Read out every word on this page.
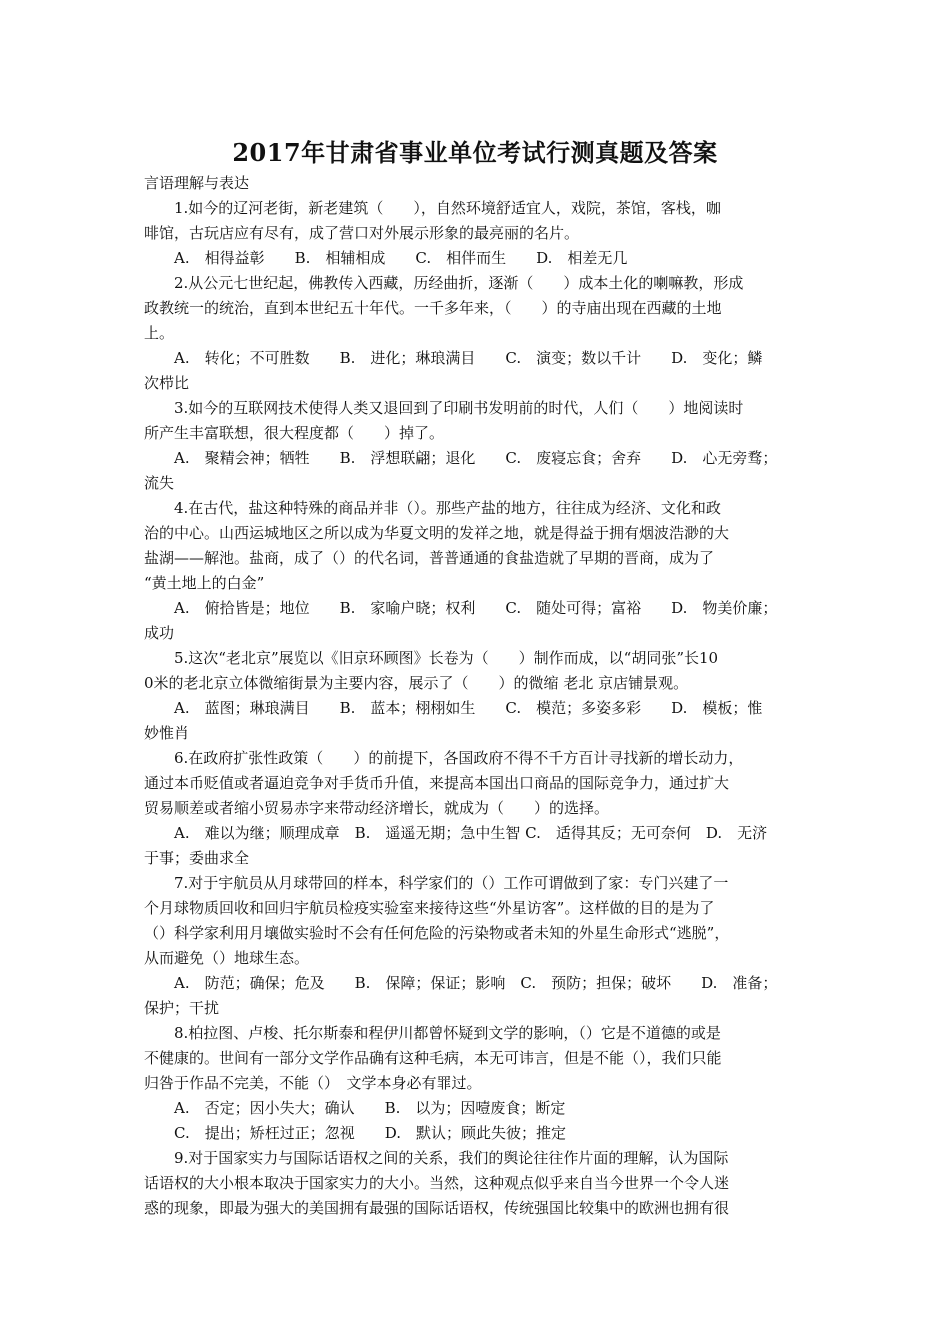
2017年甘肃省事业单位考试行测真题及答案
言语理解与表达
1.如今的辽河老街，新老建筑（　　），自然环境舒适宜人，戏院，茶馆，客栈，咖
啡馆，古玩店应有尽有，成了营口对外展示形象的最亮丽的名片。
A.　相得益彰　　B.　相辅相成　　C.　相伴而生　　D.　相差无几
2.从公元七世纪起，佛教传入西藏，历经曲折，逐渐（　　）成本土化的喇嘛教，形成
政教统一的统治，直到本世纪五十年代。一千多年来，（　　）的寺庙出现在西藏的土地
上。
A.　转化；不可胜数　　B.　进化；琳琅满目　　C.　演变；数以千计　　D.　变化；鳞
次栉比
3.如今的互联网技术使得人类又退回到了印刷书发明前的时代，人们（　　）地阅读时
所产生丰富联想，很大程度都（　　）掉了。
A.　聚精会神；牺牲　　B.　浮想联翩；退化　　C.　废寝忘食；舍弃　　D.　心无旁骛；
流失
4.在古代，盐这种特殊的商品并非（）。那些产盐的地方，往往成为经济、文化和政
治的中心。山西运城地区之所以成为华夏文明的发祥之地，就是得益于拥有烟波浩渺的大
盐湖——解池。盐商，成了（）的代名词，普普通通的食盐造就了早期的晋商，成为了
“黄土地上的白金”
A.　俯拾皆是；地位　　B.　家喻户晓；权利　　C.　随处可得；富裕　　D.　物美价廉；
成功
5.这次“老北京”展览以《旧京环顾图》长卷为（　　）制作而成，以“胡同张”长10
0米的老北京立体微缩街景为主要内容，展示了（　　）的微缩 老北 京店铺景观。
A.　蓝图；琳琅满目　　B.　蓝本；栩栩如生　　C.　模范；多姿多彩　　D.　模板；惟
妙惟肖
6.在政府扩张性政策（　　）的前提下，各国政府不得不千方百计寻找新的增长动力，
通过本币贬值或者逼迫竞争对手货币升值，来提高本国出口商品的国际竞争力，通过扩大
贸易顺差或者缩小贸易赤字来带动经济增长，就成为（　　）的选择。
A.　难以为继；顺理成章　B.　遥遥无期；急中生智 C.　适得其反；无可奈何　D.　无济
于事；委曲求全
7.对于宇航员从月球带回的样本，科学家们的（）工作可谓做到了家：专门兴建了一
个月球物质回收和回归宇航员检疫实验室来接待这些“外星访客”。这样做的目的是为了
（）科学家利用月壤做实验时不会有任何危险的污染物或者未知的外星生命形式“逃脱”，
从而避免（）地球生态。
A.　防范；确保；危及　　B.　保障；保证；影响　C.　预防；担保；破坏　　D.　准备；
保护；干扰
8.柏拉图、卢梭、托尔斯泰和程伊川都曾怀疑到文学的影响，（）它是不道德的或是
不健康的。世间有一部分文学作品确有这种毛病，本无可讳言，但是不能（），我们只能
归咎于作品不完美，不能（）　文学本身必有罪过。
A.　否定；因小失大；确认　　B.　以为；因噎废食；断定
C.　提出；矫枉过正；忽视　　D.　默认；顾此失彼；推定
9.对于国家实力与国际话语权之间的关系，我们的舆论往往作片面的理解，认为国际
话语权的大小根本取决于国家实力的大小。当然，这种观点似乎来自当今世界一个令人迷
惑的现象，即最为强大的美国拥有最强的国际话语权，传统强国比较集中的欧洲也拥有很
